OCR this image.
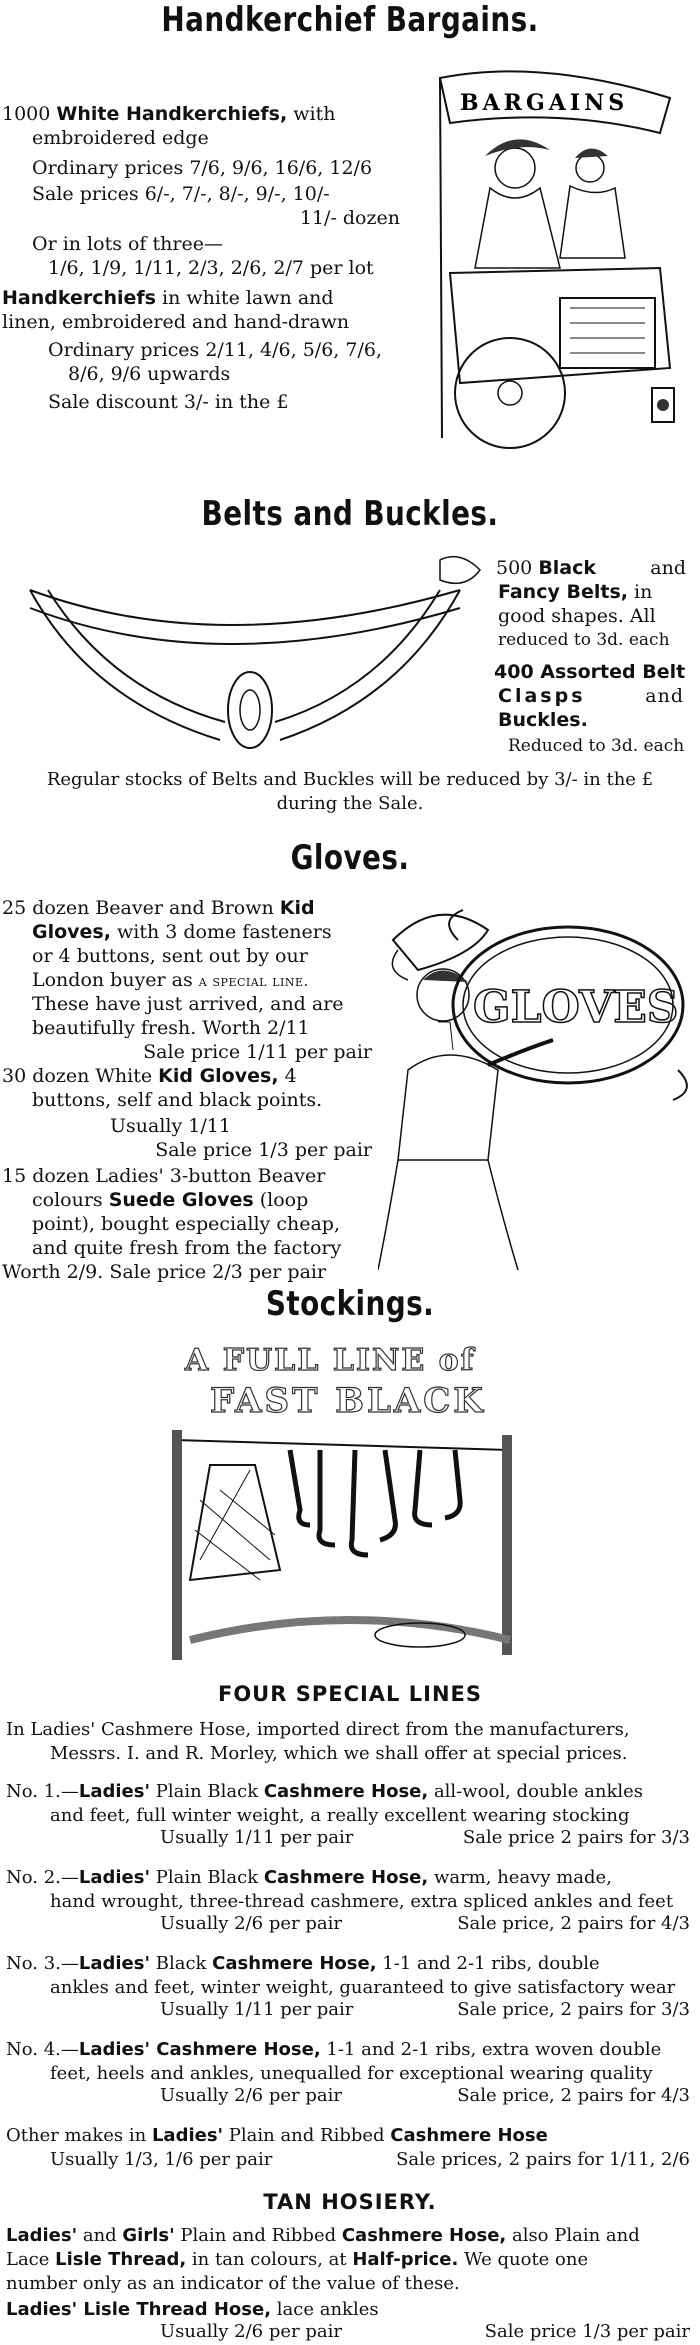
Handkerchief Bargains.
1000 White Handkerchiefs, with
embroidered edge
Ordinary prices 7/6, 9/6, 16/6, 12/6
Sale prices 6/-, 7/-, 8/-, 9/-, 10/-
11/- dozen
Or in lots of three—
1/6, 1/9, 1/11, 2/3, 2/6, 2/7 per lot
Handkerchiefs in white lawn and
linen, embroidered and hand-drawn
Ordinary prices 2/11, 4/6, 5/6, 7/6,
8/6, 9/6 upwards
Sale discount 3/- in the £
BARGAINS
Belts and Buckles.
500 Black	and
Fancy Belts, in
good shapes. All
reduced to 3d. each
400 Assorted Belt
Clasps	and
Buckles.
Reduced to 3d. each
Regular stocks of Belts and Buckles will be reduced by 3/- in the £
during the Sale.
Gloves.
25 dozen Beaver and Brown Kid
Gloves, with 3 dome fasteners
or 4 buttons, sent out by our
London buyer as a special line.
These have just arrived, and are
beautifully fresh. Worth 2/11
Sale price 1/11 per pair
30 dozen White Kid Gloves, 4
buttons, self and black points.
Usually 1/11
Sale price 1/3 per pair
15 dozen Ladies' 3-button Beaver
colours Suede Gloves (loop
point), bought especially cheap,
and quite fresh from the factory
Worth 2/9. Sale price 2/3 per pair
GLOVES
Stockings.
A FULL LINE of
FAST BLACK
FOUR SPECIAL LINES
In Ladies' Cashmere Hose, imported direct from the manufacturers,
Messrs. I. and R. Morley, which we shall offer at special prices.
No. 1.—Ladies' Plain Black Cashmere Hose, all-wool, double ankles
and feet, full winter weight, a really excellent wearing stocking
Usually 1/11 per pair	Sale price 2 pairs for 3/3
No. 2.—Ladies' Plain Black Cashmere Hose, warm, heavy made,
hand wrought, three-thread cashmere, extra spliced ankles and feet
Usually 2/6 per pair	Sale price, 2 pairs for 4/3
No. 3.—Ladies' Black Cashmere Hose, 1-1 and 2-1 ribs, double
ankles and feet, winter weight, guaranteed to give satisfactory wear
Usually 1/11 per pair	Sale price, 2 pairs for 3/3
No. 4.—Ladies' Cashmere Hose, 1-1 and 2-1 ribs, extra woven double
feet, heels and ankles, unequalled for exceptional wearing quality
Usually 2/6 per pair	Sale price, 2 pairs for 4/3
Other makes in Ladies' Plain and Ribbed Cashmere Hose
Usually 1/3, 1/6 per pair	Sale prices, 2 pairs for 1/11, 2/6
TAN HOSIERY.
Ladies' and Girls' Plain and Ribbed Cashmere Hose, also Plain and
Lace Lisle Thread, in tan colours, at Half-price. We quote one
number only as an indicator of the value of these.
Ladies' Lisle Thread Hose, lace ankles
Usually 2/6 per pair	Sale price 1/3 per pair
